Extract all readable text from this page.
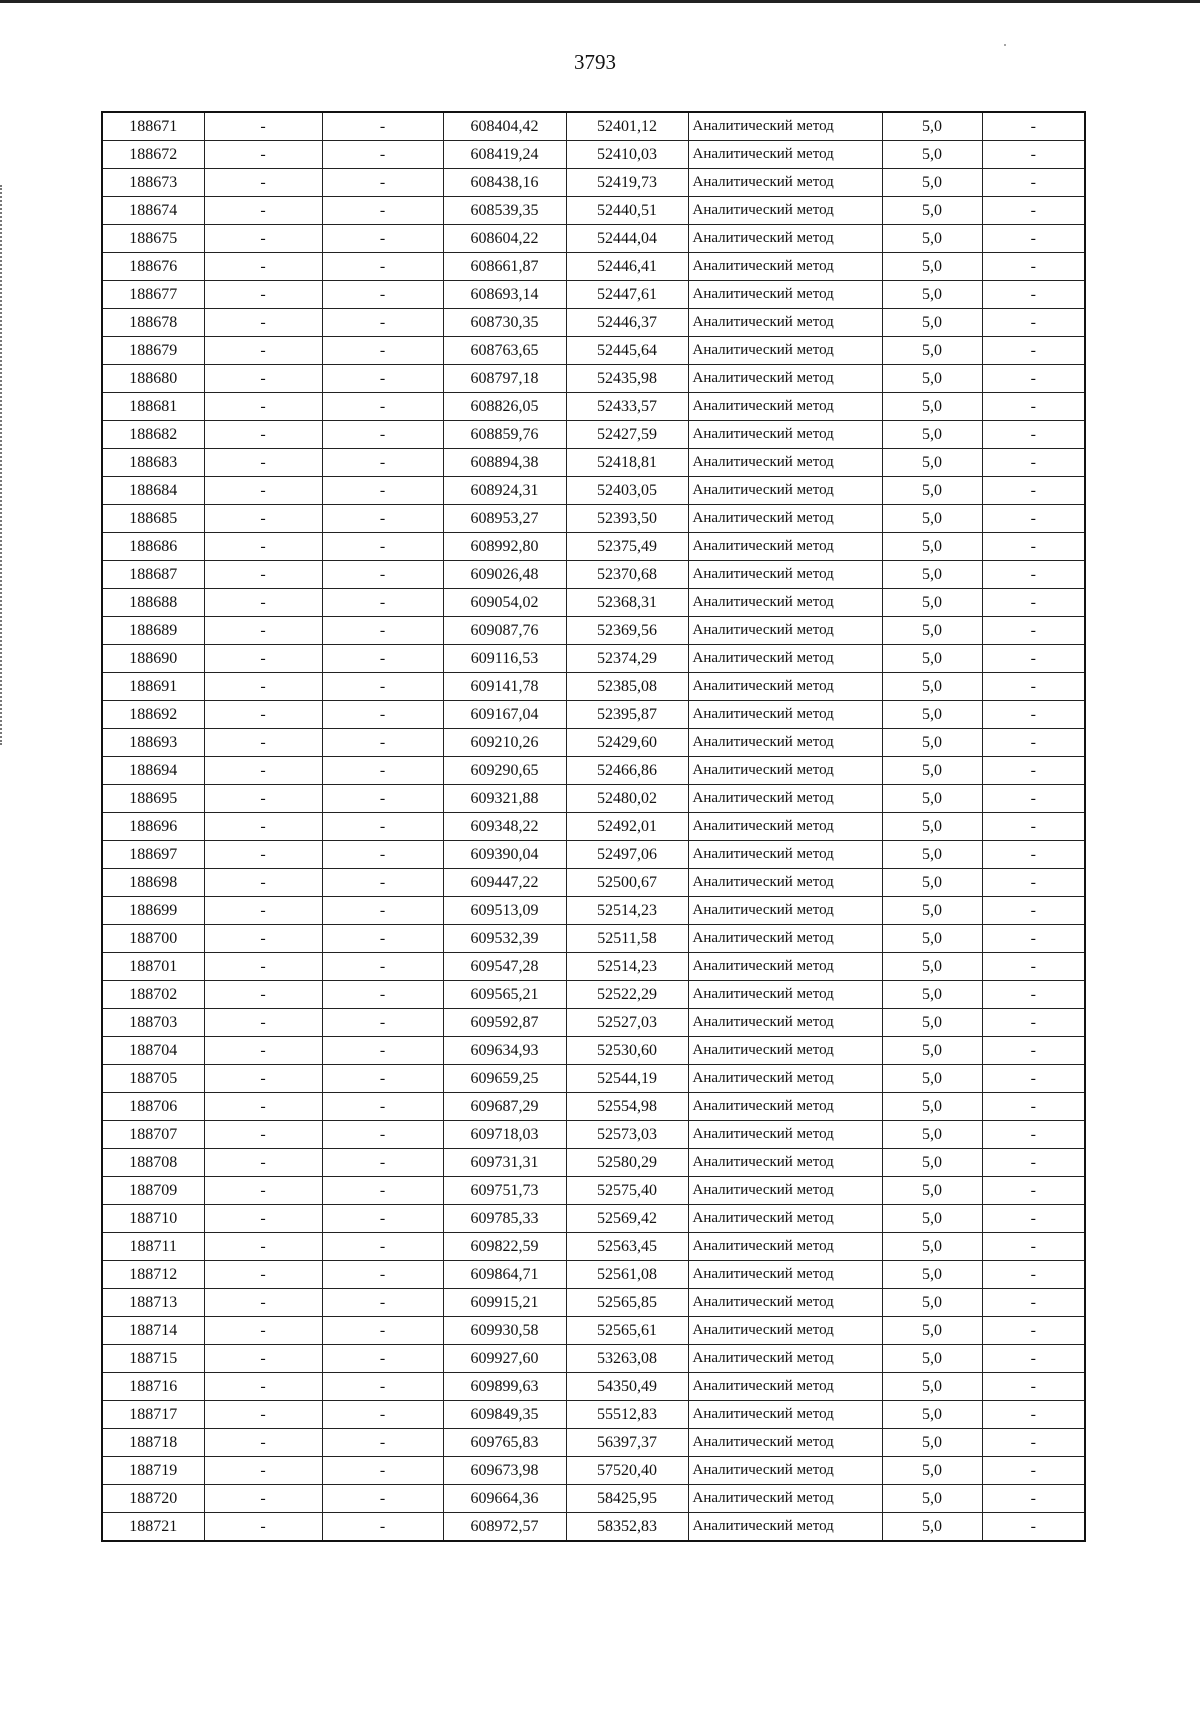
3793
188671	-	-	608404,42	52401,12	Аналитический метод	5,0	-
188672	-	-	608419,24	52410,03	Аналитический метод	5,0	-
188673	-	-	608438,16	52419,73	Аналитический метод	5,0	-
188674	-	-	608539,35	52440,51	Аналитический метод	5,0	-
188675	-	-	608604,22	52444,04	Аналитический метод	5,0	-
188676	-	-	608661,87	52446,41	Аналитический метод	5,0	-
188677	-	-	608693,14	52447,61	Аналитический метод	5,0	-
188678	-	-	608730,35	52446,37	Аналитический метод	5,0	-
188679	-	-	608763,65	52445,64	Аналитический метод	5,0	-
188680	-	-	608797,18	52435,98	Аналитический метод	5,0	-
188681	-	-	608826,05	52433,57	Аналитический метод	5,0	-
188682	-	-	608859,76	52427,59	Аналитический метод	5,0	-
188683	-	-	608894,38	52418,81	Аналитический метод	5,0	-
188684	-	-	608924,31	52403,05	Аналитический метод	5,0	-
188685	-	-	608953,27	52393,50	Аналитический метод	5,0	-
188686	-	-	608992,80	52375,49	Аналитический метод	5,0	-
188687	-	-	609026,48	52370,68	Аналитический метод	5,0	-
188688	-	-	609054,02	52368,31	Аналитический метод	5,0	-
188689	-	-	609087,76	52369,56	Аналитический метод	5,0	-
188690	-	-	609116,53	52374,29	Аналитический метод	5,0	-
188691	-	-	609141,78	52385,08	Аналитический метод	5,0	-
188692	-	-	609167,04	52395,87	Аналитический метод	5,0	-
188693	-	-	609210,26	52429,60	Аналитический метод	5,0	-
188694	-	-	609290,65	52466,86	Аналитический метод	5,0	-
188695	-	-	609321,88	52480,02	Аналитический метод	5,0	-
188696	-	-	609348,22	52492,01	Аналитический метод	5,0	-
188697	-	-	609390,04	52497,06	Аналитический метод	5,0	-
188698	-	-	609447,22	52500,67	Аналитический метод	5,0	-
188699	-	-	609513,09	52514,23	Аналитический метод	5,0	-
188700	-	-	609532,39	52511,58	Аналитический метод	5,0	-
188701	-	-	609547,28	52514,23	Аналитический метод	5,0	-
188702	-	-	609565,21	52522,29	Аналитический метод	5,0	-
188703	-	-	609592,87	52527,03	Аналитический метод	5,0	-
188704	-	-	609634,93	52530,60	Аналитический метод	5,0	-
188705	-	-	609659,25	52544,19	Аналитический метод	5,0	-
188706	-	-	609687,29	52554,98	Аналитический метод	5,0	-
188707	-	-	609718,03	52573,03	Аналитический метод	5,0	-
188708	-	-	609731,31	52580,29	Аналитический метод	5,0	-
188709	-	-	609751,73	52575,40	Аналитический метод	5,0	-
188710	-	-	609785,33	52569,42	Аналитический метод	5,0	-
188711	-	-	609822,59	52563,45	Аналитический метод	5,0	-
188712	-	-	609864,71	52561,08	Аналитический метод	5,0	-
188713	-	-	609915,21	52565,85	Аналитический метод	5,0	-
188714	-	-	609930,58	52565,61	Аналитический метод	5,0	-
188715	-	-	609927,60	53263,08	Аналитический метод	5,0	-
188716	-	-	609899,63	54350,49	Аналитический метод	5,0	-
188717	-	-	609849,35	55512,83	Аналитический метод	5,0	-
188718	-	-	609765,83	56397,37	Аналитический метод	5,0	-
188719	-	-	609673,98	57520,40	Аналитический метод	5,0	-
188720	-	-	609664,36	58425,95	Аналитический метод	5,0	-
188721	-	-	608972,57	58352,83	Аналитический метод	5,0	-
